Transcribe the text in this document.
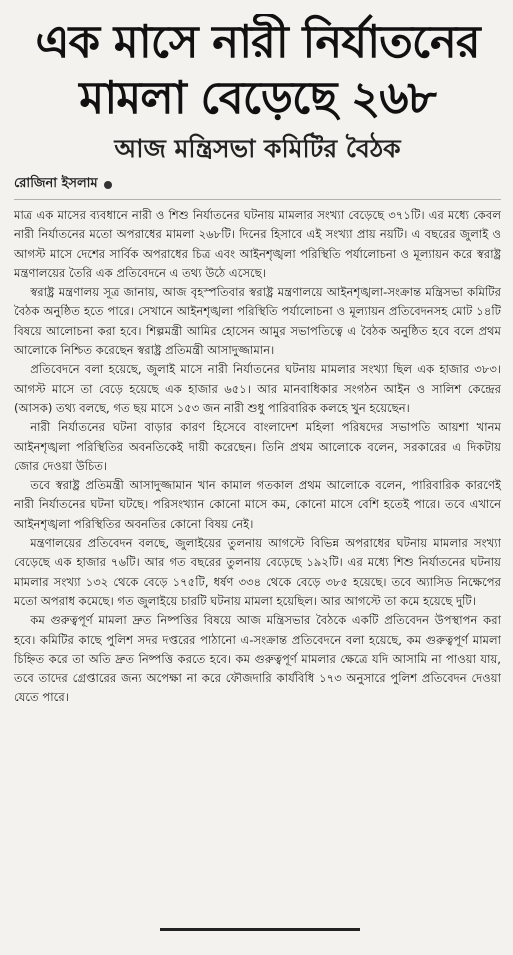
এক মাসে নারী নির্যাতনের
মামলা বেড়েছে ২৬৮
আজ মন্ত্রিসভা কমিটির বৈঠক
রোজিনা ইসলাম

মাত্র এক মাসের ব্যবধানে নারী ও শিশু নির্যাতনের ঘটনায় মামলার সংখ্যা বেড়েছে ৩৭১টি। এর মধ্যে কেবল নারী নির্যাতনের মতো অপরাধের মামলা ২৬৮টি। দিনের হিসাবে এই সংখ্যা প্রায় নয়টি। এ বছরের জুলাই ও আগস্ট মাসে দেশের সার্বিক অপরাধের চিত্র এবং আইনশৃঙ্খলা পরিস্থিতি পর্যালোচনা ও মূল্যায়ন করে স্বরাষ্ট্র মন্ত্রণালয়ের তৈরি এক প্রতিবেদনে এ তথ্য উঠে এসেছে।

স্বরাষ্ট্র মন্ত্রণালয় সূত্র জানায়, আজ বৃহস্পতিবার স্বরাষ্ট্র মন্ত্রণালয়ে আইনশৃঙ্খলা-সংক্রান্ত মন্ত্রিসভা কমিটির বৈঠক অনুষ্ঠিত হতে পারে। সেখানে আইনশৃঙ্খলা পরিস্থিতি পর্যালোচনা ও মূল্যায়ন প্রতিবেদনসহ মোট ১৪টি বিষয়ে আলোচনা করা হবে। শিল্পমন্ত্রী আমির হোসেন আমুর সভাপতিত্বে এ বৈঠক অনুষ্ঠিত হবে বলে প্রথম আলোকে নিশ্চিত করেছেন স্বরাষ্ট্র প্রতিমন্ত্রী আসাদুজ্জামান।

প্রতিবেদনে বলা হয়েছে, জুলাই মাসে নারী নির্যাতনের ঘটনায় মামলার সংখ্যা ছিল এক হাজার ৩৮৩। আগস্ট মাসে তা বেড়ে হয়েছে এক হাজার ৬৫১। আর মানবাধিকার সংগঠন আইন ও সালিশ কেন্দ্রের (আসক) তথ্য বলছে, গত ছয় মাসে ১৫৩ জন নারী শুধু পারিবারিক কলহে খুন হয়েছেন।

নারী নির্যাতনের ঘটনা বাড়ার কারণ হিসেবে বাংলাদেশ মহিলা পরিষদের সভাপতি আয়শা খানম আইনশৃঙ্খলা পরিস্থিতির অবনতিকেই দায়ী করেছেন। তিনি প্রথম আলোকে বলেন, সরকারের এ দিকটায় জোর দেওয়া উচিত।

তবে স্বরাষ্ট্র প্রতিমন্ত্রী আসাদুজ্জামান খান কামাল গতকাল প্রথম আলোকে বলেন, পারিবারিক কারণেই নারী নির্যাতনের ঘটনা ঘটছে। পরিসংখ্যান কোনো মাসে কম, কোনো মাসে বেশি হতেই পারে। তবে এখানে আইনশৃঙ্খলা পরিস্থিতির অবনতির কোনো বিষয় নেই।

মন্ত্রণালয়ের প্রতিবেদন বলছে, জুলাইয়ের তুলনায় আগস্টে বিভিন্ন অপরাধের ঘটনায় মামলার সংখ্যা বেড়েছে এক হাজার ৭৬টি। আর গত বছরের তুলনায় বেড়েছে ১৯২টি। এর মধ্যে শিশু নির্যাতনের ঘটনায় মামলার সংখ্যা ১৩২ থেকে বেড়ে ১৭৫টি, ধর্ষণ ৩৩৪ থেকে বেড়ে ৩৮৫ হয়েছে। তবে অ্যাসিড নিক্ষেপের মতো অপরাধ কমেছে। গত জুলাইয়ে চারটি ঘটনায় মামলা হয়েছিল। আর আগস্টে তা কমে হয়েছে দুটি।

কম গুরুত্বপূর্ণ মামলা দ্রুত নিষ্পত্তির বিষয়ে আজ মন্ত্রিসভার বৈঠকে একটি প্রতিবেদন উপস্থাপন করা হবে। কমিটির কাছে পুলিশ সদর দপ্তরের পাঠানো এ-সংক্রান্ত প্রতিবেদনে বলা হয়েছে, কম গুরুত্বপূর্ণ মামলা চিহ্নিত করে তা অতি দ্রুত নিষ্পত্তি করতে হবে। কম গুরুত্বপূর্ণ মামলার ক্ষেত্রে যদি আসামি না পাওয়া যায়, তবে তাদের গ্রেপ্তারের জন্য অপেক্ষা না করে ফৌজদারি কার্যবিধি ১৭৩ অনুসারে পুলিশ প্রতিবেদন দেওয়া যেতে পারে।
